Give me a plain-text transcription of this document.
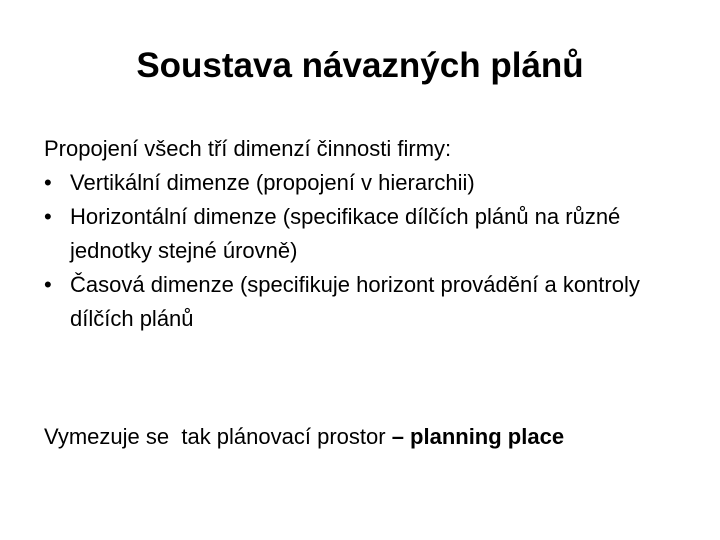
Soustava návazných plánů

Propojení všech tří dimenzí činnosti firmy:

• Vertikální dimenze (propojení v hierarchii)
• Horizontální dimenze (specifikace dílčích plánů na různé jednotky stejné úrovně)
• Časová dimenze (specifikuje horizont provádění a kontroly dílčích plánů
Vymezuje se  tak plánovací prostor – planning place
